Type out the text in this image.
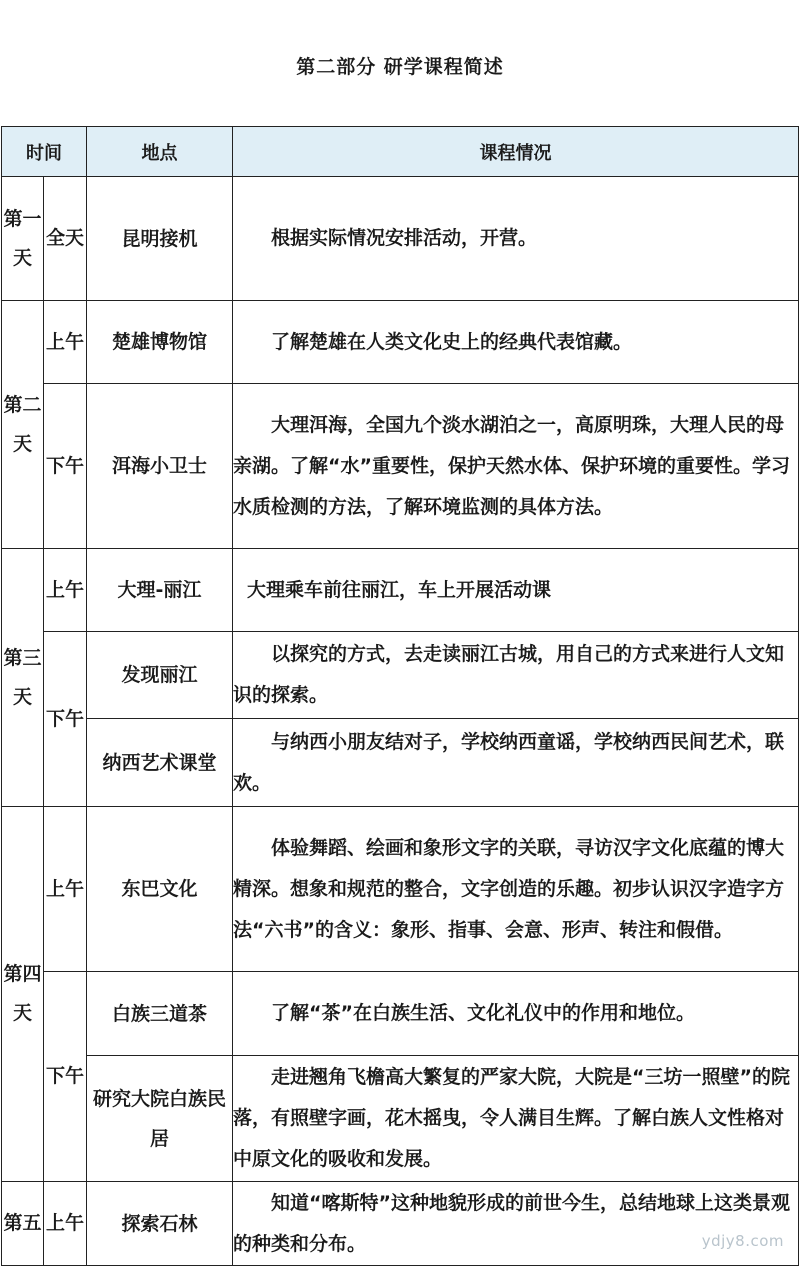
第二部分 研学课程简述
时间		地点	课程情况
第一天	全天	昆明接机	根据实际情况安排活动，开营。
第二天	上午	楚雄博物馆	了解楚雄在人类文化史上的经典代表馆藏。
	下午	洱海小卫士	大理洱海，全国九个淡水湖泊之一，高原明珠，大理人民的母亲湖。了解“水”重要性，保护天然水体、保护环境的重要性。学习水质检测的方法，了解环境监测的具体方法。
第三天	上午	大理-丽江	大理乘车前往丽江，车上开展活动课
	下午	发现丽江	以探究的方式，去走读丽江古城，用自己的方式来进行人文知识的探索。
		纳西艺术课堂	与纳西小朋友结对子，学校纳西童谣，学校纳西民间艺术，联欢。
第四天	上午	东巴文化	体验舞蹈、绘画和象形文字的关联，寻访汉字文化底蕴的博大精深。想象和规范的整合，文字创造的乐趣。初步认识汉字造字方法“六书”的含义：象形、指事、会意、形声、转注和假借。
	下午	白族三道茶	了解“茶”在白族生活、文化礼仪中的作用和地位。
		研究大院白族民居	走进翘角飞檐高大繁复的严家大院，大院是“三坊一照壁”的院落，有照壁字画，花木摇曳，令人满目生辉。了解白族人文性格对中原文化的吸收和发展。
第五	上午	探索石林	知道“喀斯特”这种地貌形成的前世今生，总结地球上这类景观的种类和分布。	ydjy8.com
